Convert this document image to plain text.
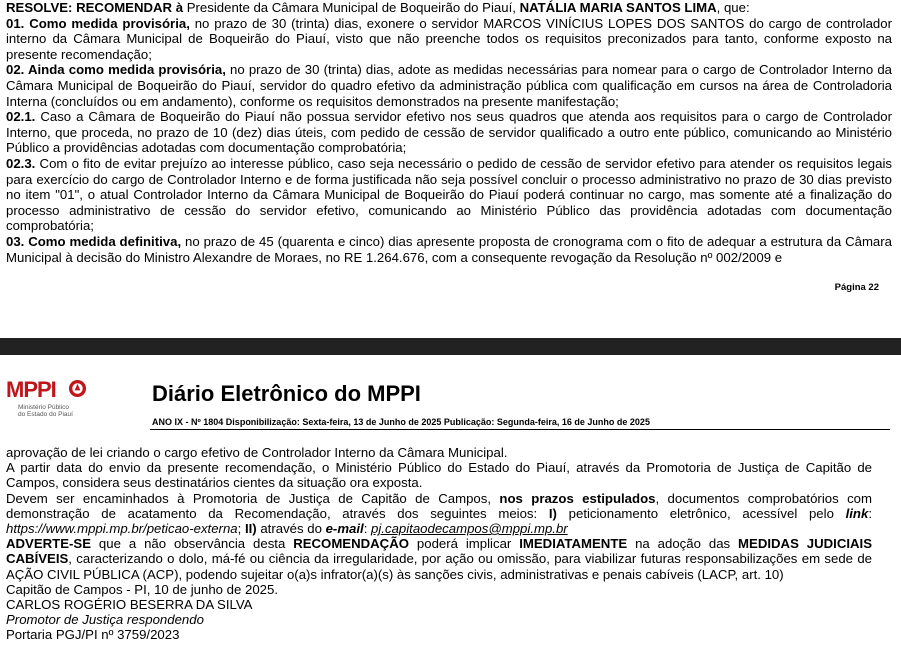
RESOLVE: RECOMENDAR à Presidente da Câmara Municipal de Boqueirão do Piauí, NATÁLIA MARIA SANTOS LIMA, que:

01. Como medida provisória, no prazo de 30 (trinta) dias, exonere o servidor MARCOS VINÍCIUS LOPES DOS SANTOS do cargo de controlador interno da Câmara Municipal de Boqueirão do Piauí, visto que não preenche todos os requisitos preconizados para tanto, conforme exposto na presente recomendação;

02. Ainda como medida provisória, no prazo de 30 (trinta) dias, adote as medidas necessárias para nomear para o cargo de Controlador Interno da Câmara Municipal de Boqueirão do Piauí, servidor do quadro efetivo da administração pública com qualificação em cursos na área de Controladoria Interna (concluídos ou em andamento), conforme os requisitos demonstrados na presente manifestação;

02.1. Caso a Câmara de Boqueirão do Piauí não possua servidor efetivo nos seus quadros que atenda aos requisitos para o cargo de Controlador Interno, que proceda, no prazo de 10 (dez) dias úteis, com pedido de cessão de servidor qualificado a outro ente público, comunicando ao Ministério Público a providências adotadas com documentação comprobatória;

02.3. Com o fito de evitar prejuízo ao interesse público, caso seja necessário o pedido de cessão de servidor efetivo para atender os requisitos legais para exercício do cargo de Controlador Interno e de forma justificada não seja possível concluir o processo administrativo no prazo de 30 dias previsto no item "01", o atual Controlador Interno da Câmara Municipal de Boqueirão do Piauí poderá continuar no cargo, mas somente até a finalização do processo administrativo de cessão do servidor efetivo, comunicando ao Ministério Público das providência adotadas com documentação comprobatória;

03. Como medida definitiva, no prazo de 45 (quarenta e cinco) dias apresente proposta de cronograma com o fito de adequar a estrutura da Câmara Municipal à decisão do Ministro Alexandre de Moraes, no RE 1.264.676, com a consequente revogação da Resolução nº 002/2009 e

Página 22
MPPI
Ministério Público
do Estado do Piauí
Diário Eletrônico do MPPI
ANO IX - Nº 1804 Disponibilização: Sexta-feira, 13 de Junho de 2025 Publicação: Segunda-feira, 16 de Junho de 2025

aprovação de lei criando o cargo efetivo de Controlador Interno da Câmara Municipal.

A partir data do envio da presente recomendação, o Ministério Público do Estado do Piauí, através da Promotoria de Justiça de Capitão de Campos, considera seus destinatários cientes da situação ora exposta.

Devem ser encaminhados à Promotoria de Justiça de Capitão de Campos, nos prazos estipulados, documentos comprobatórios com demonstração de acatamento da Recomendação, através dos seguintes meios: I) peticionamento eletrônico, acessível pelo link: https://www.mppi.mp.br/peticao-externa; II) através do e-mail: pj.capitaodecampos@mppi.mp.br

ADVERTE-SE que a não observância desta RECOMENDAÇÃO poderá implicar IMEDIATAMENTE na adoção das MEDIDAS JUDICIAIS CABÍVEIS, caracterizando o dolo, má-fé ou ciência da irregularidade, por ação ou omissão, para viabilizar futuras responsabilizações em sede de AÇÃO CIVIL PÚBLICA (ACP), podendo sujeitar o(a)s infrator(a)(s) às sanções civis, administrativas e penais cabíveis (LACP, art. 10)

Capitão de Campos - PI, 10 de junho de 2025.

CARLOS ROGÉRIO BESERRA DA SILVA

Promotor de Justiça respondendo

Portaria PGJ/PI nº 3759/2023
